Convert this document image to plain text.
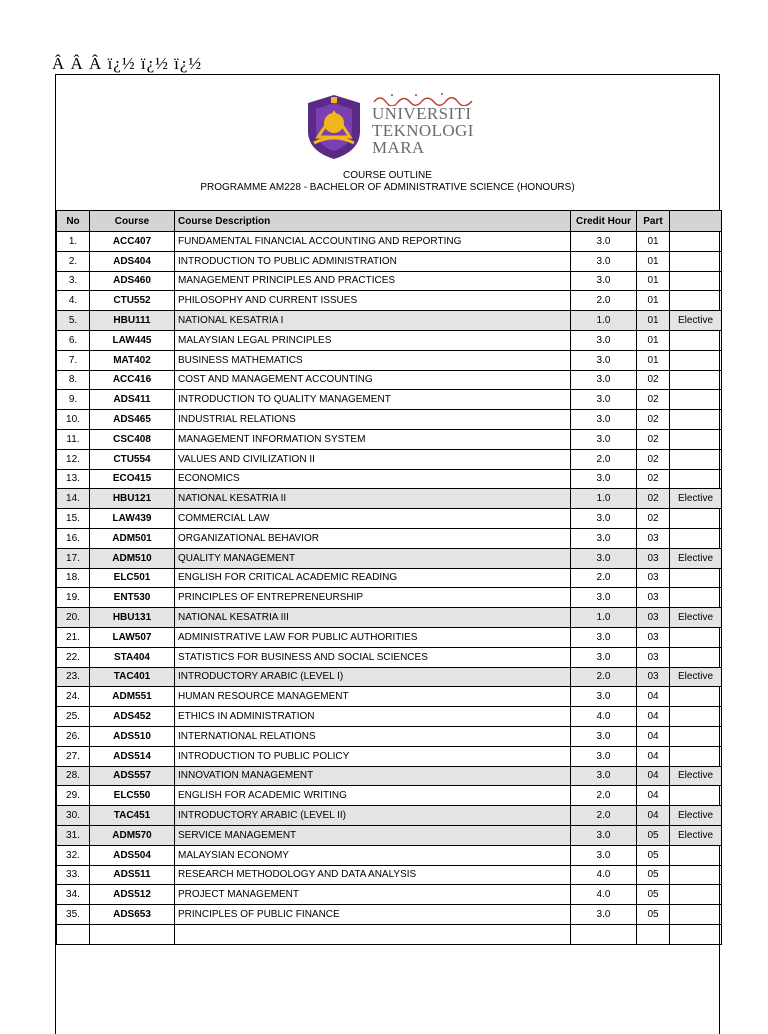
Â Â Â ï¿½ ï¿½ ï¿½
UNIVERSITI
TEKNOLOGI
MARA
COURSE OUTLINE
PROGRAMME AM228 - BACHELOR OF ADMINISTRATIVE SCIENCE (HONOURS)
No	Course	Course Description	Credit Hour	Part	
1.	ACC407	FUNDAMENTAL FINANCIAL ACCOUNTING AND REPORTING	3.0	01	
2.	ADS404	INTRODUCTION TO PUBLIC ADMINISTRATION	3.0	01	
3.	ADS460	MANAGEMENT PRINCIPLES AND PRACTICES	3.0	01	
4.	CTU552	PHILOSOPHY AND CURRENT ISSUES	2.0	01	
5.	HBU111	NATIONAL KESATRIA I	1.0	01	Elective
6.	LAW445	MALAYSIAN LEGAL PRINCIPLES	3.0	01	
7.	MAT402	BUSINESS MATHEMATICS	3.0	01	
8.	ACC416	COST AND MANAGEMENT ACCOUNTING	3.0	02	
9.	ADS411	INTRODUCTION TO QUALITY MANAGEMENT	3.0	02	
10.	ADS465	INDUSTRIAL RELATIONS	3.0	02	
11.	CSC408	MANAGEMENT INFORMATION SYSTEM	3.0	02	
12.	CTU554	VALUES AND CIVILIZATION II	2.0	02	
13.	ECO415	ECONOMICS	3.0	02	
14.	HBU121	NATIONAL KESATRIA II	1.0	02	Elective
15.	LAW439	COMMERCIAL LAW	3.0	02	
16.	ADM501	ORGANIZATIONAL BEHAVIOR	3.0	03	
17.	ADM510	QUALITY MANAGEMENT	3.0	03	Elective
18.	ELC501	ENGLISH FOR CRITICAL ACADEMIC READING	2.0	03	
19.	ENT530	PRINCIPLES OF ENTREPRENEURSHIP	3.0	03	
20.	HBU131	NATIONAL KESATRIA III	1.0	03	Elective
21.	LAW507	ADMINISTRATIVE LAW FOR PUBLIC AUTHORITIES	3.0	03	
22.	STA404	STATISTICS FOR BUSINESS AND SOCIAL SCIENCES	3.0	03	
23.	TAC401	INTRODUCTORY ARABIC (LEVEL I)	2.0	03	Elective
24.	ADM551	HUMAN RESOURCE MANAGEMENT	3.0	04	
25.	ADS452	ETHICS IN ADMINISTRATION	4.0	04	
26.	ADS510	INTERNATIONAL RELATIONS	3.0	04	
27.	ADS514	INTRODUCTION TO PUBLIC POLICY	3.0	04	
28.	ADS557	INNOVATION MANAGEMENT	3.0	04	Elective
29.	ELC550	ENGLISH FOR ACADEMIC WRITING	2.0	04	
30.	TAC451	INTRODUCTORY ARABIC (LEVEL II)	2.0	04	Elective
31.	ADM570	SERVICE MANAGEMENT	3.0	05	Elective
32.	ADS504	MALAYSIAN ECONOMY	3.0	05	
33.	ADS511	RESEARCH METHODOLOGY AND DATA ANALYSIS	4.0	05	
34.	ADS512	PROJECT MANAGEMENT	4.0	05	
35.	ADS653	PRINCIPLES OF PUBLIC FINANCE	3.0	05	
